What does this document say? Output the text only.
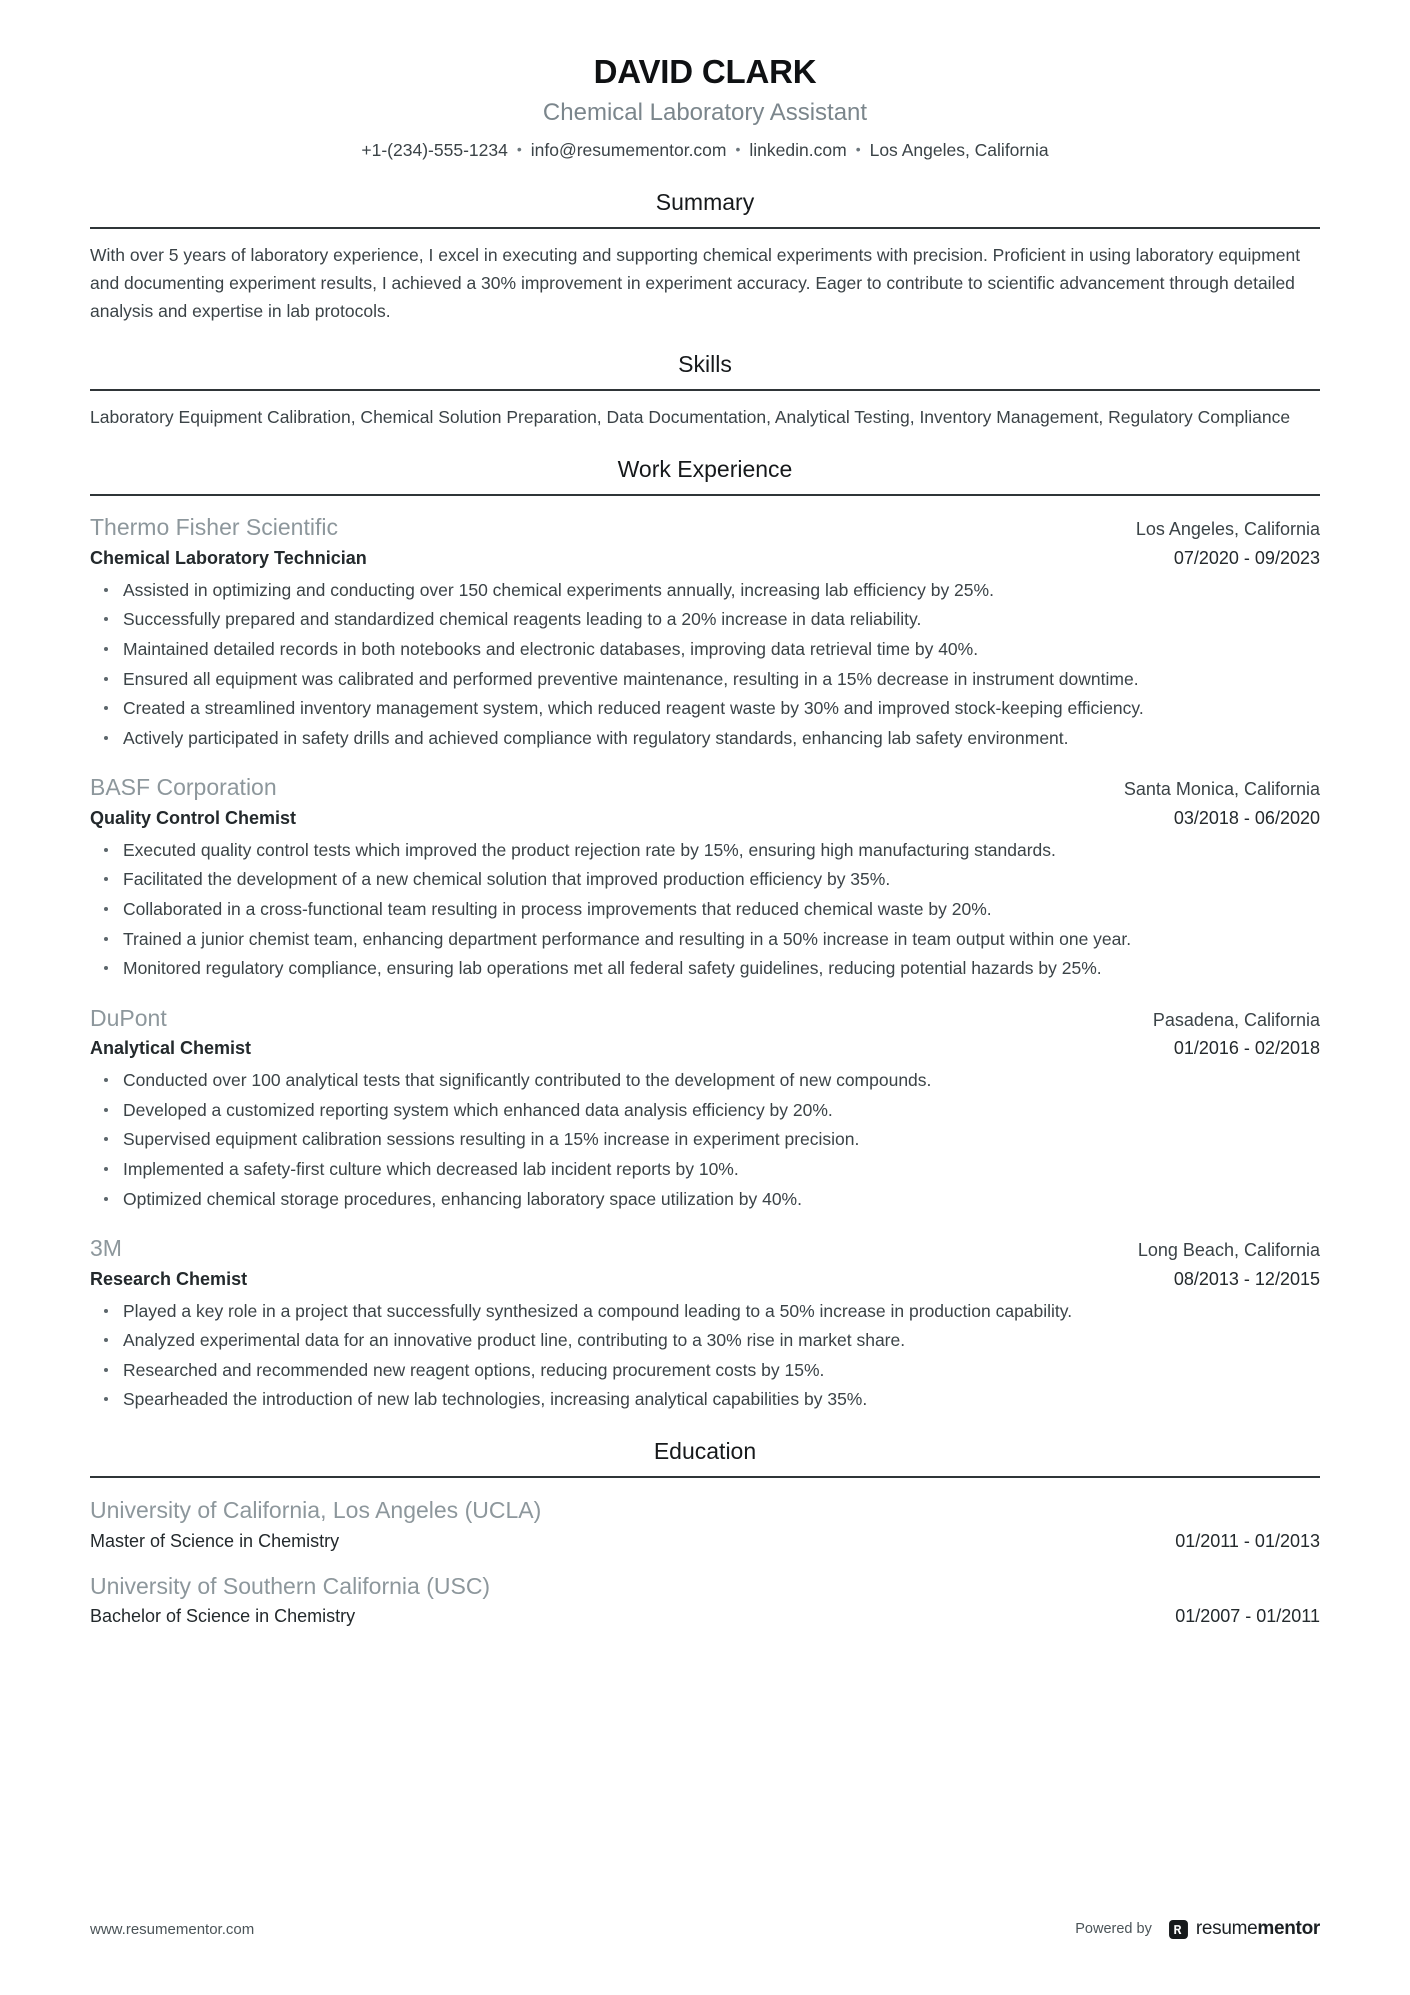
DAVID CLARK
Chemical Laboratory Assistant
+1-(234)-555-1234 • info@resumementor.com • linkedin.com • Los Angeles, California
Summary

With over 5 years of laboratory experience, I excel in executing and supporting chemical experiments with precision. Proficient in using laboratory equipment and documenting experiment results, I achieved a 30% improvement in experiment accuracy. Eager to contribute to scientific advancement through detailed analysis and expertise in lab protocols.

Skills

Laboratory Equipment Calibration, Chemical Solution Preparation, Data Documentation, Analytical Testing, Inventory Management, Regulatory Compliance

Work Experience
Thermo Fisher Scientific	Los Angeles, California
Chemical Laboratory Technician	07/2020 - 09/2023
Assisted in optimizing and conducting over 150 chemical experiments annually, increasing lab efficiency by 25%.
Successfully prepared and standardized chemical reagents leading to a 20% increase in data reliability.
Maintained detailed records in both notebooks and electronic databases, improving data retrieval time by 40%.
Ensured all equipment was calibrated and performed preventive maintenance, resulting in a 15% decrease in instrument downtime.
Created a streamlined inventory management system, which reduced reagent waste by 30% and improved stock-keeping efficiency.
Actively participated in safety drills and achieved compliance with regulatory standards, enhancing lab safety environment.
BASF Corporation	Santa Monica, California
Quality Control Chemist	03/2018 - 06/2020
Executed quality control tests which improved the product rejection rate by 15%, ensuring high manufacturing standards.
Facilitated the development of a new chemical solution that improved production efficiency by 35%.
Collaborated in a cross-functional team resulting in process improvements that reduced chemical waste by 20%.
Trained a junior chemist team, enhancing department performance and resulting in a 50% increase in team output within one year.
Monitored regulatory compliance, ensuring lab operations met all federal safety guidelines, reducing potential hazards by 25%.
DuPont	Pasadena, California
Analytical Chemist	01/2016 - 02/2018
Conducted over 100 analytical tests that significantly contributed to the development of new compounds.
Developed a customized reporting system which enhanced data analysis efficiency by 20%.
Supervised equipment calibration sessions resulting in a 15% increase in experiment precision.
Implemented a safety-first culture which decreased lab incident reports by 10%.
Optimized chemical storage procedures, enhancing laboratory space utilization by 40%.
3M	Long Beach, California
Research Chemist	08/2013 - 12/2015
Played a key role in a project that successfully synthesized a compound leading to a 50% increase in production capability.
Analyzed experimental data for an innovative product line, contributing to a 30% rise in market share.
Researched and recommended new reagent options, reducing procurement costs by 15%.
Spearheaded the introduction of new lab technologies, increasing analytical capabilities by 35%.
Education
University of California, Los Angeles (UCLA)
Master of Science in Chemistry	01/2011 - 01/2013
University of Southern California (USC)
Bachelor of Science in Chemistry	01/2007 - 01/2011
www.resumementor.com	Powered by resumementor
